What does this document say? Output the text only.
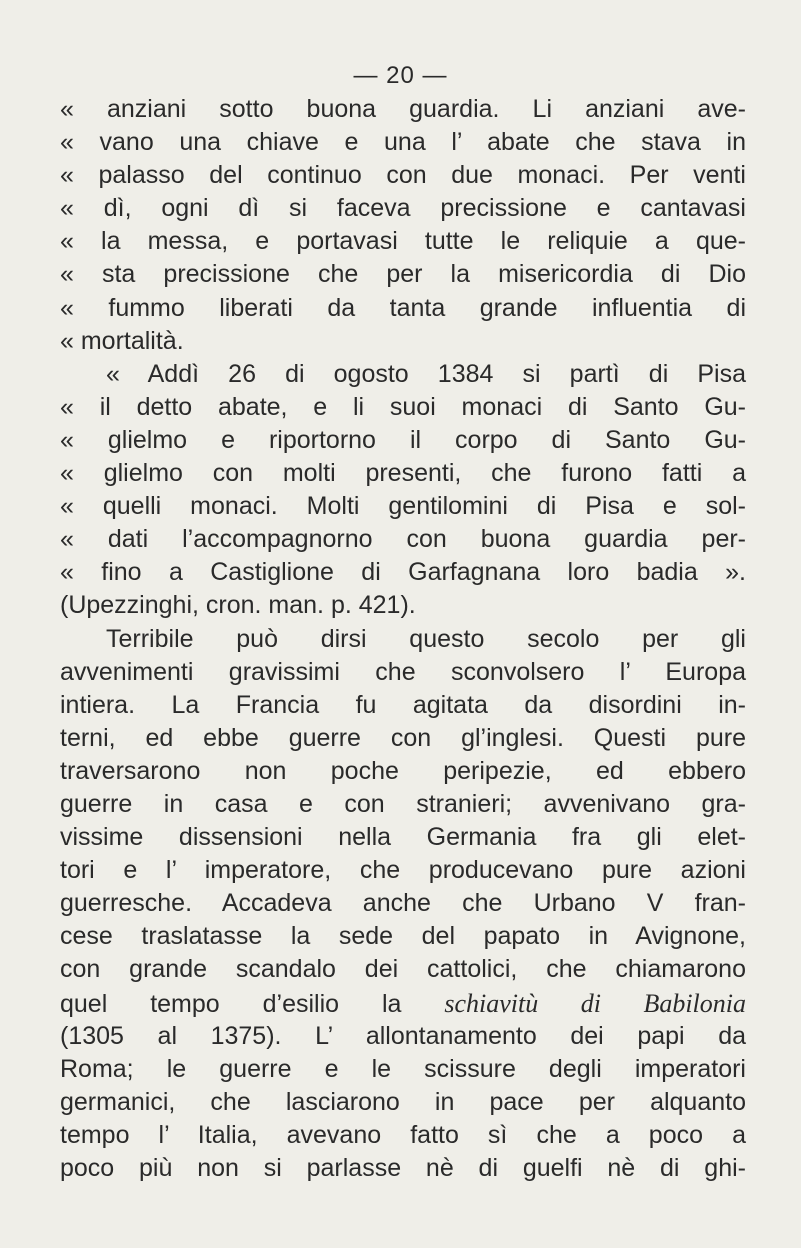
— 20 —
« anziani sotto buona guardia. Li anziani ave-
« vano una chiave e una l’ abate che stava in
« palasso del continuo con due monaci. Per venti
« dì, ogni dì si faceva precissione e cantavasi
« la messa, e portavasi tutte le reliquie a que-
« sta precissione che per la misericordia di Dio
« fummo liberati da tanta grande influentia di
« mortalità.
« Addì 26 di ogosto 1384 si partì di Pisa
« il detto abate, e li suoi monaci di Santo Gu-
« glielmo e riportorno il corpo di Santo Gu-
« glielmo con molti presenti, che furono fatti a
« quelli monaci. Molti gentilomini di Pisa e sol-
« dati l’accompagnorno con buona guardia per-
« fino a Castiglione di Garfagnana loro badia ».
(Upezzinghi, cron. man. p. 421).
Terribile può dirsi questo secolo per gli
avvenimenti gravissimi che sconvolsero l’ Europa
intiera. La Francia fu agitata da disordini in-
terni, ed ebbe guerre con gl’inglesi. Questi pure
traversarono non poche peripezie, ed ebbero
guerre in casa e con stranieri; avvenivano gra-
vissime dissensioni nella Germania fra gli elet-
tori e l’ imperatore, che producevano pure azioni
guerresche. Accadeva anche che Urbano V fran-
cese traslatasse la sede del papato in Avignone,
con grande scandalo dei cattolici, che chiamarono
quel tempo d’esilio la schiavitù di Babilonia
(1305 al 1375). L’ allontanamento dei papi da
Roma; le guerre e le scissure degli imperatori
germanici, che lasciarono in pace per alquanto
tempo l’ Italia, avevano fatto sì che a poco a
poco più non si parlasse nè di guelfi nè di ghi-
